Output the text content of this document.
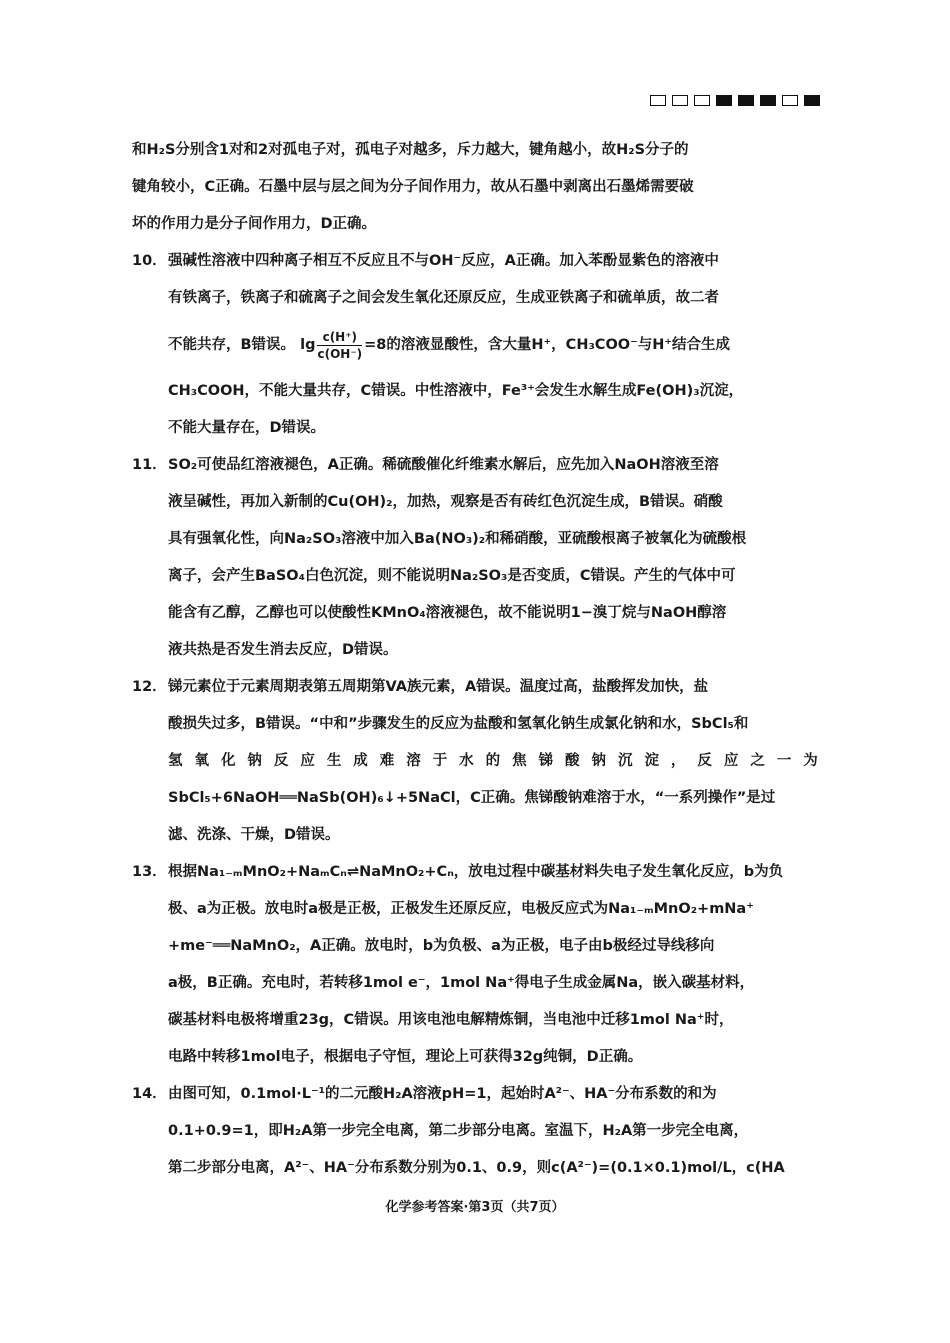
和H₂S分别含1对和2对孤电子对，孤电子对越多，斥力越大，键角越小，故H₂S分子的
键角较小，C正确。石墨中层与层之间为分子间作用力，故从石墨中剥离出石墨烯需要破
坏的作用力是分子间作用力，D正确。
10．强碱性溶液中四种离子相互不反应且不与OH⁻反应，A正确。加入苯酚显紫色的溶液中
有铁离子，铁离子和硫离子之间会发生氧化还原反应，生成亚铁离子和硫单质，故二者
不能共存，B错误。 $\lg \frac{c(H^+)}{c(OH^-)} =8$的溶液显酸性，含大量H⁺，CH₃COO⁻与H⁺结合生成
CH₃COOH，不能大量共存，C错误。中性溶液中，Fe³⁺会发生水解生成Fe(OH)₃沉淀，
不能大量存在，D错误。
11．SO₂可使品红溶液褪色，A正确。稀硫酸催化纤维素水解后，应先加入NaOH溶液至溶
液呈碱性，再加入新制的Cu(OH)₂，加热，观察是否有砖红色沉淀生成，B错误。硝酸
具有强氧化性，向Na₂SO₃溶液中加入Ba(NO₃)₂和稀硝酸，亚硫酸根离子被氧化为硫酸根
离子，会产生BaSO₄白色沉淀，则不能说明Na₂SO₃是否变质，C错误。产生的气体中可
能含有乙醇，乙醇也可以使酸性KMnO₄溶液褪色，故不能说明1−溴丁烷与NaOH醇溶
液共热是否发生消去反应，D错误。
12．锑元素位于元素周期表第五周期第VA族元素，A错误。温度过高，盐酸挥发加快，盐
酸损失过多，B错误。“中和”步骤发生的反应为盐酸和氢氧化钠生成氯化钠和水，SbCl₅和
氢 氧 化 钠 反 应 生 成 难 溶 于 水 的 焦 锑 酸 钠 沉 淀 ， 反 应 之 一 为
SbCl₅+6NaOH══NaSb(OH)₆↓+5NaCl，C正确。焦锑酸钠难溶于水，“一系列操作”是过
滤、洗涤、干燥，D错误。
13．根据Na₁₋ₘMnO₂+NaₘCₙ⇌NaMnO₂+Cₙ，放电过程中碳基材料失电子发生氧化反应，b为负
极、a为正极。放电时a极是正极，正极发生还原反应，电极反应式为Na₁₋ₘMnO₂+mNa⁺
+me⁻══NaMnO₂，A正确。放电时，b为负极、a为正极，电子由b极经过导线移向
a极，B正确。充电时，若转移1mol e⁻，1mol Na⁺得电子生成金属Na，嵌入碳基材料，
碳基材料电极将增重23g，C错误。用该电池电解精炼铜，当电池中迁移1mol Na⁺时，
电路中转移1mol电子，根据电子守恒，理论上可获得32g纯铜，D正确。
14．由图可知，0.1mol·L⁻¹的二元酸H₂A溶液pH=1，起始时A²⁻、HA⁻分布系数的和为
0.1+0.9=1，即H₂A第一步完全电离，第二步部分电离。室温下，H₂A第一步完全电离，
第二步部分电离，A²⁻、HA⁻分布系数分别为0.1、0.9，则c(A²⁻)=(0.1×0.1)mol/L，c(HA
化学参考答案·第3页（共7页）
